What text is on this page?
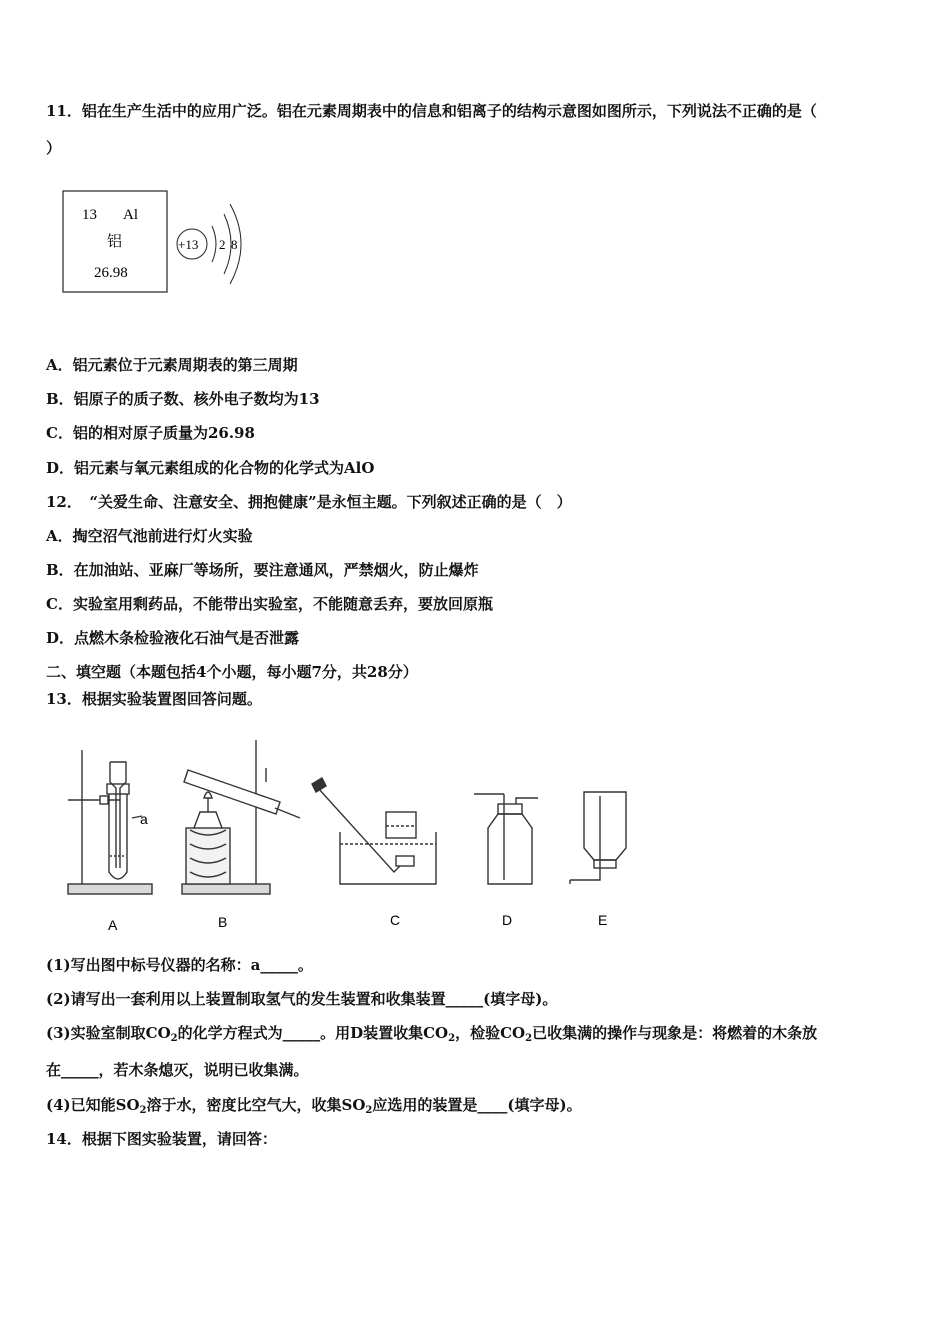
11．铝在生产生活中的应用广泛。铝在元素周期表中的信息和铝离子的结构示意图如图所示，下列说法不正确的是（
）
13 Al
铝
26.98
+13 2 8
A．铝元素位于元素周期表的第三周期
B．铝原子的质子数、核外电子数均为13
C．铝的相对原子质量为26.98
D．铝元素与氧元素组成的化合物的化学式为AlO
12．　“关爱生命、注意安全、拥抱健康”是永恒主题。下列叙述正确的是（　）
A．掏空沼气池前进行灯火实验
B．在加油站、亚麻厂等场所，要注意通风，严禁烟火，防止爆炸
C．实验室用剩药品，不能带出实验室，不能随意丢弃，要放回原瓶
D．点燃木条检验液化石油气是否泄露
二、填空题（本题包括4个小题，每小题7分，共28分）
13．根据实验装置图回答问题。
a
A	B	C	D	E
(1)写出图中标号仪器的名称：a_____。
(2)请写出一套利用以上装置制取氢气的发生装置和收集装置_____(填字母)。
(3)实验室制取$CO_2$的化学方程式为_____。用D装置收集$CO_2$，检验$CO_2$已收集满的操作与现象是：将燃着的木条放
在_____，若木条熄灭，说明已收集满。
(4)已知能$SO_2$溶于水，密度比空气大，收集$SO_2$应选用的装置是____(填字母)。
14．根据下图实验装置，请回答：
